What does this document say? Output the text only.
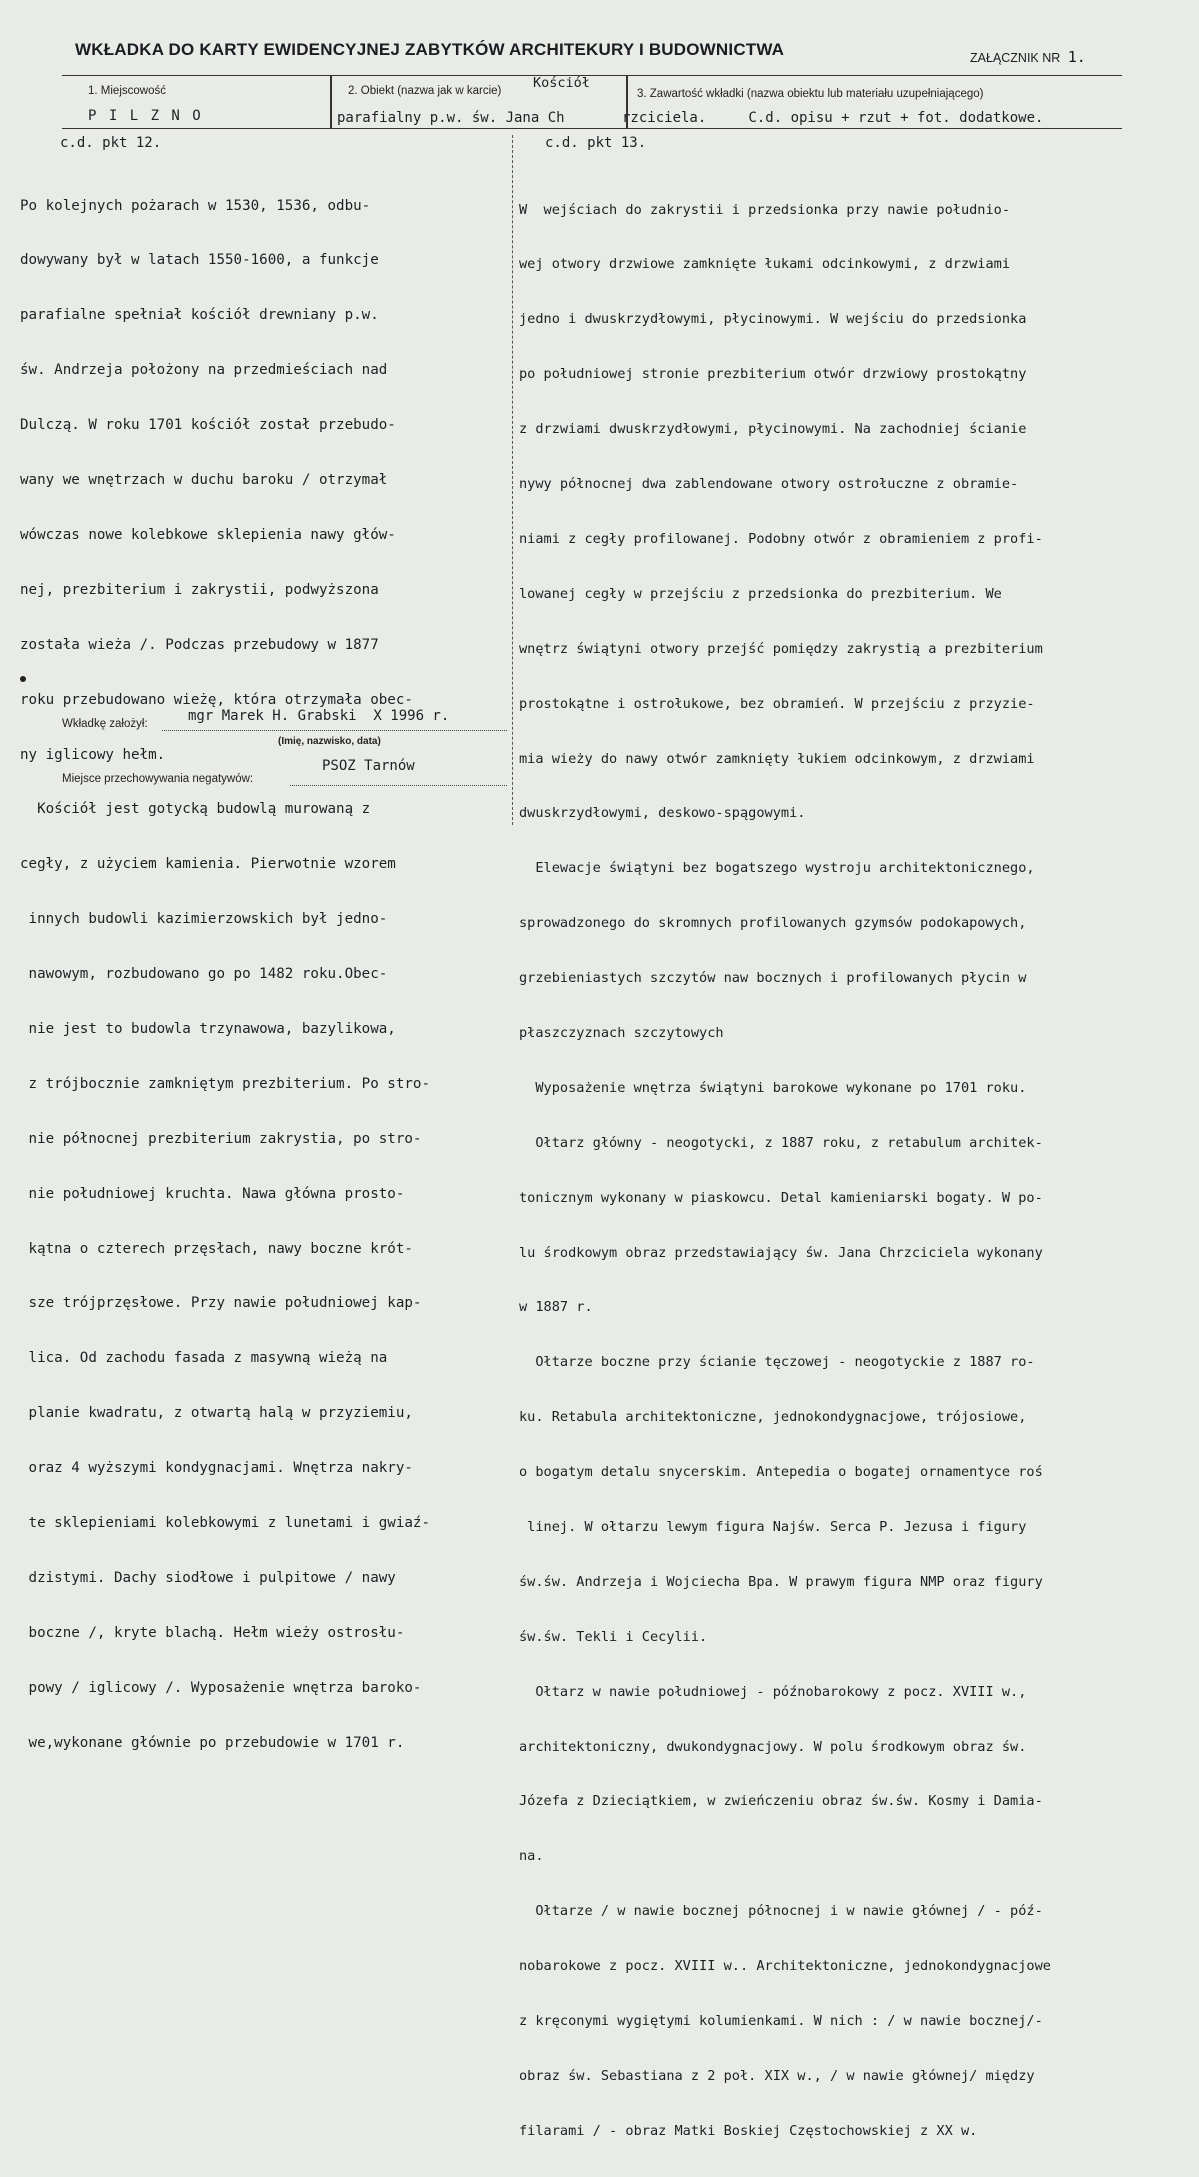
WKŁADKA DO KARTY EWIDENCYJNEJ ZABYTKÓW ARCHITEKURY I BUDOWNICTWA	ZAŁĄCZNIK NR 1.
1. Miejscowość
P I L Z N O
2. Obiekt (nazwa jak w karcie) Kościół
parafialny p.w. św. Jana Ch
3. Zawartość wkładki (nazwa obiektu lub materiału uzupełniającego)
rzciciela.     C.d. opisu + rzut + fot. dodatkowe.
c.d. pkt 12.	c.d. pkt 13.

Po kolejnych pożarach w 1530, 1536, odbu-

dowywany był w latach 1550-1600, a funkcje

parafialne spełniał kościół drewniany p.w.

św. Andrzeja położony na przedmieściach nad

Dulczą. W roku 1701 kościół został przebudo-

wany we wnętrzach w duchu baroku / otrzymał

wówczas nowe kolebkowe sklepienia nawy głów-

nej, prezbiterium i zakrystii, podwyższona

została wieża /. Podczas przebudowy w 1877

roku przebudowano wieżę, która otrzymała obec-

ny iglicowy hełm.

Kościół jest gotycką budowlą murowaną z

cegły, z użyciem kamienia. Pierwotnie wzorem

innych budowli kazimierzowskich był jedno-

nawowym, rozbudowano go po 1482 roku.Obec-

nie jest to budowla trzynawowa, bazylikowa,

z trójbocznie zamkniętym prezbiterium. Po stro-

nie północnej prezbiterium zakrystia, po stro-

nie południowej kruchta. Nawa główna prosto-

kątna o czterech przęsłach, nawy boczne krót-

sze trójprzęsłowe. Przy nawie południowej kap-

lica. Od zachodu fasada z masywną wieżą na

planie kwadratu, z otwartą halą w przyziemiu,

oraz 4 wyższymi kondygnacjami. Wnętrza nakry-

te sklepieniami kolebkowymi z lunetami i gwiaź-

dzistymi. Dachy siodłowe i pulpitowe / nawy

boczne /, kryte blachą. Hełm wieży ostrosłu-

powy / iglicowy /. Wyposażenie wnętrza baroko-

we,wykonane głównie po przebudowie w 1701 r.

W  wejściach do zakrystii i przedsionka przy nawie południo-

wej otwory drzwiowe zamknięte łukami odcinkowymi, z drzwiami

jedno i dwuskrzydłowymi, płycinowymi. W wejściu do przedsionka

po południowej stronie prezbiterium otwór drzwiowy prostokątny

z drzwiami dwuskrzydłowymi, płycinowymi. Na zachodniej ścianie

nywy północnej dwa zablendowane otwory ostrołuczne z obramie-

niami z cegły profilowanej. Podobny otwór z obramieniem z profi-

lowanej cegły w przejściu z przedsionka do prezbiterium. We

wnętrz świątyni otwory przejść pomiędzy zakrystią a prezbiterium

prostokątne i ostrołukowe, bez obramień. W przejściu z przyzie-

mia wieży do nawy otwór zamknięty łukiem odcinkowym, z drzwiami

dwuskrzydłowymi, deskowo-spągowymi.

Elewacje świątyni bez bogatszego wystroju architektonicznego,

sprowadzonego do skromnych profilowanych gzymsów podokapowych,

grzebieniastych szczytów naw bocznych i profilowanych płycin w

płaszczyznach szczytowych

Wyposażenie wnętrza świątyni barokowe wykonane po 1701 roku.

Ołtarz główny - neogotycki, z 1887 roku, z retabulum architek-

tonicznym wykonany w piaskowcu. Detal kamieniarski bogaty. W po-

lu środkowym obraz przedstawiający św. Jana Chrzciciela wykonany

w 1887 r.

Ołtarze boczne przy ścianie tęczowej - neogotyckie z 1887 ro-

ku. Retabula architektoniczne, jednokondygnacjowe, trójosiowe,

o bogatym detalu snycerskim. Antepedia o bogatej ornamentyce roś

linej. W ołtarzu lewym figura Najśw. Serca P. Jezusa i figury

św.św. Andrzeja i Wojciecha Bpa. W prawym figura NMP oraz figury

św.św. Tekli i Cecylii.

Ołtarz w nawie południowej - późnobarokowy z pocz. XVIII w.,

architektoniczny, dwukondygnacjowy. W polu środkowym obraz św.

Józefa z Dzieciątkiem, w zwieńczeniu obraz św.św. Kosmy i Damia-

na.

Ołtarze / w nawie bocznej północnej i w nawie głównej / - póź-

nobarokowe z pocz. XVIII w.. Architektoniczne, jednokondygnacjowe

z kręconymi wygiętymi kolumienkami. W nich : / w nawie bocznej/-

obraz św. Sebastiana z 2 poł. XIX w., / w nawie głównej/ między

filarami / - obraz Matki Boskiej Częstochowskiej z XX w.

Wkładkę założył:	mgr Marek H. Grabski  X 1996 r.
(Imię, nazwisko, data)
Miejsce przechowywania negatywów:
PSOZ Tarnów
